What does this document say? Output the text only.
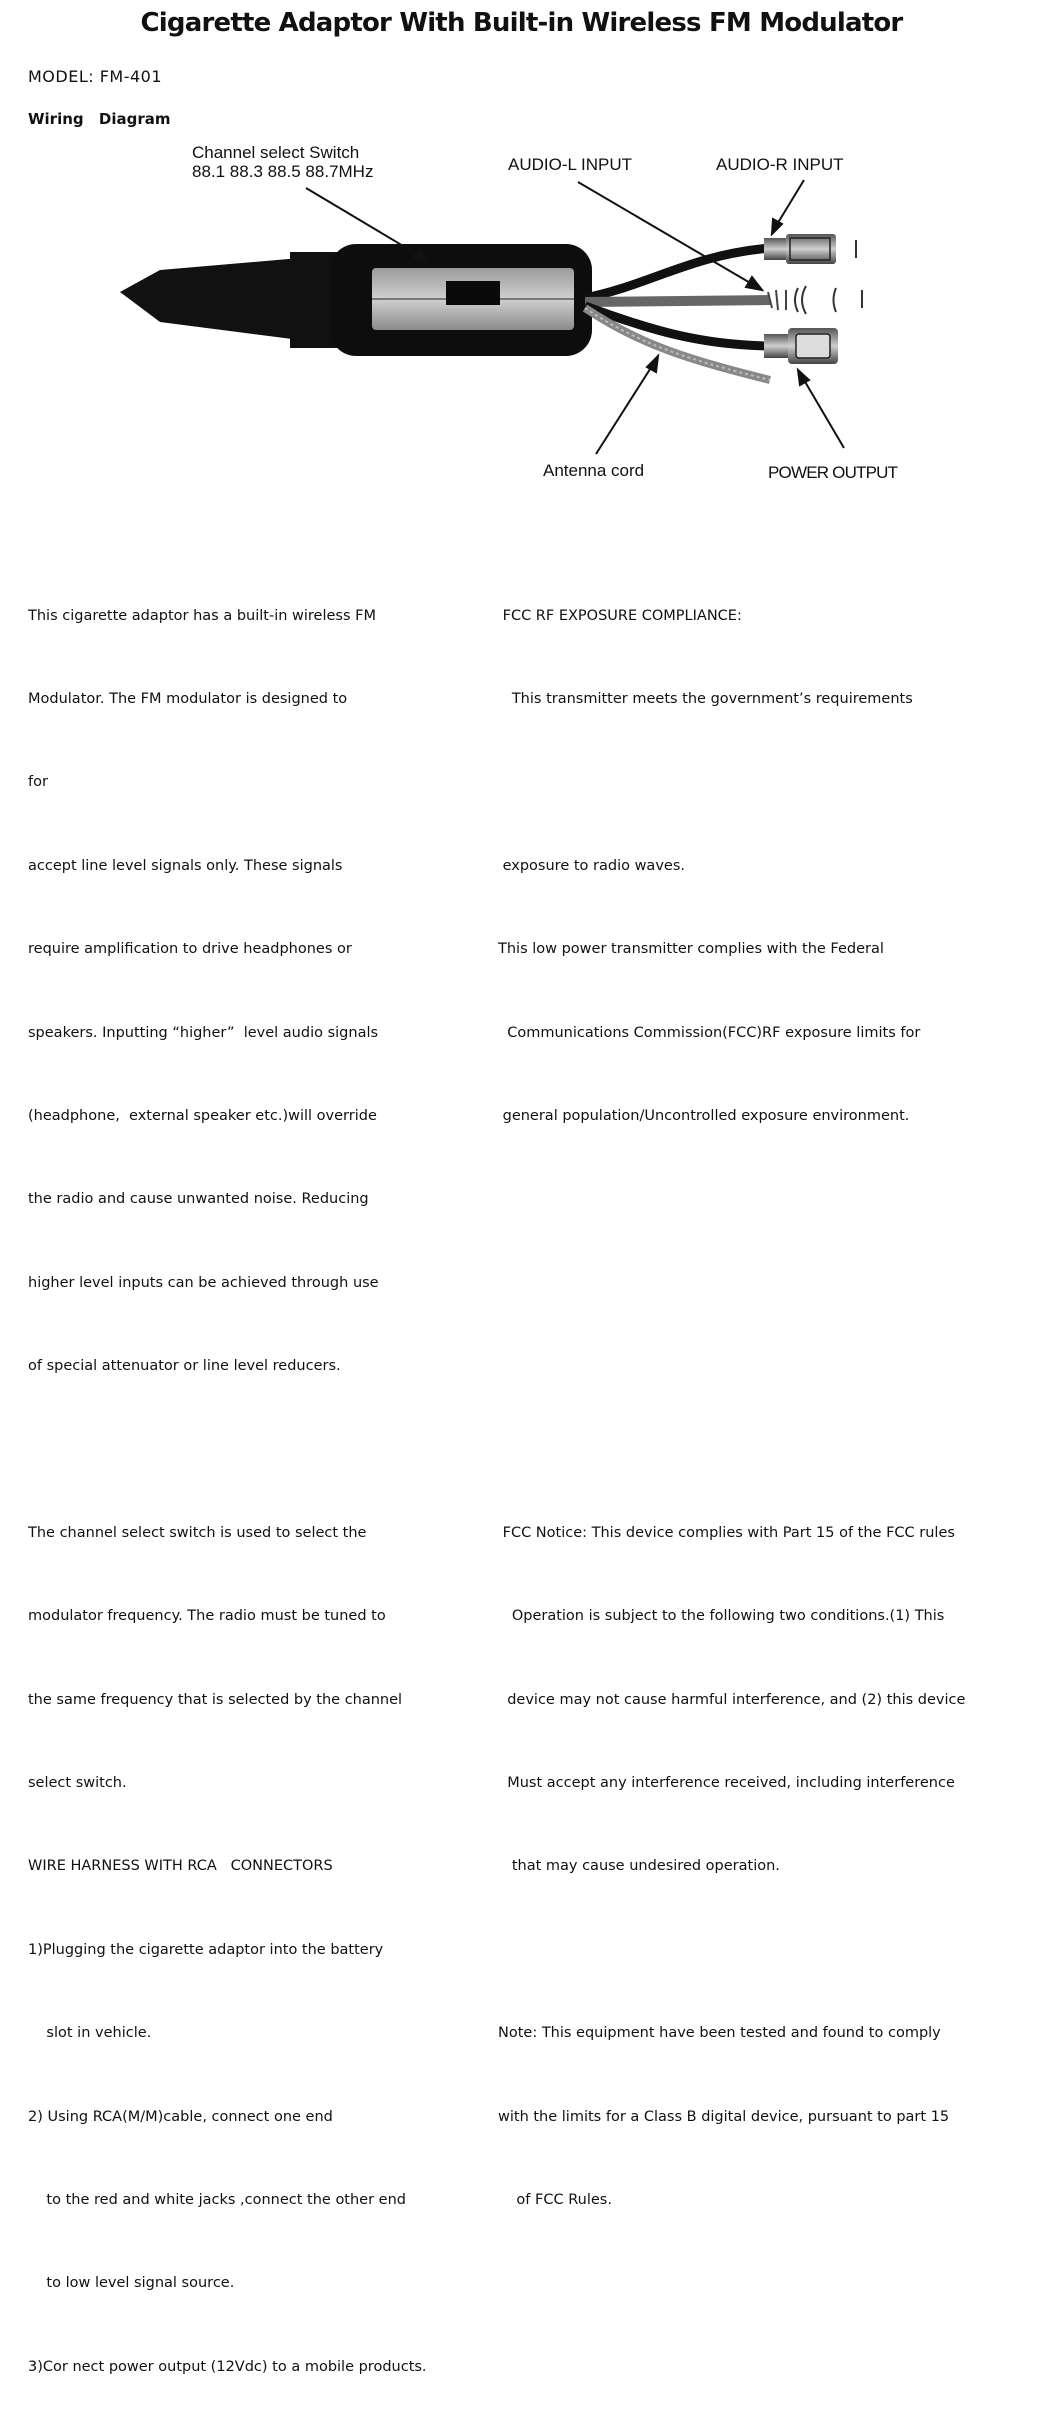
Cigarette Adaptor With Built-in Wireless FM Modulator
MODEL: FM-401
Wiring Diagram
Channel select Switch
88.1 88.3 88.5 88.7MHz	AUDIO-L INPUT	AUDIO-R INPUT
Antenna cord	POWER OUTPUT

This cigarette adaptor has a built-in wireless FM

Modulator. The FM modulator is designed to

for

accept line level signals only. These signals

require amplification to drive headphones or

speakers. Inputting “higher”  level audio signals

(headphone,  external speaker etc.)will override

the radio and cause unwanted noise. Reducing

higher level inputs can be achieved through use

of special attenuator or line level reducers.

The channel select switch is used to select the

modulator frequency. The radio must be tuned to

the same frequency that is selected by the channel

select switch.

WIRE HARNESS WITH RCA   CONNECTORS

1)Plugging the cigarette adaptor into the battery

slot in vehicle.

2) Using RCA(M/M)cable, connect one end

to the red and white jacks ,connect the other end

to low level signal source.

3)Cor nect power output (12Vdc) to a mobile products.

FCC RF EXPOSURE COMPLIANCE:

This transmitter meets the government’s requirements

exposure to radio waves.

This low power transmitter complies with the Federal

Communications Commission(FCC)RF exposure limits for

general population/Uncontrolled exposure environment.

FCC Notice: This device complies with Part 15 of the FCC rules

Operation is subject to the following two conditions.(1) This

device may not cause harmful interference, and (2) this device

Must accept any interference received, including interference

that may cause undesired operation.

Note: This equipment have been tested and found to comply

with the limits for a Class B digital device, pursuant to part 15

of FCC Rules.
